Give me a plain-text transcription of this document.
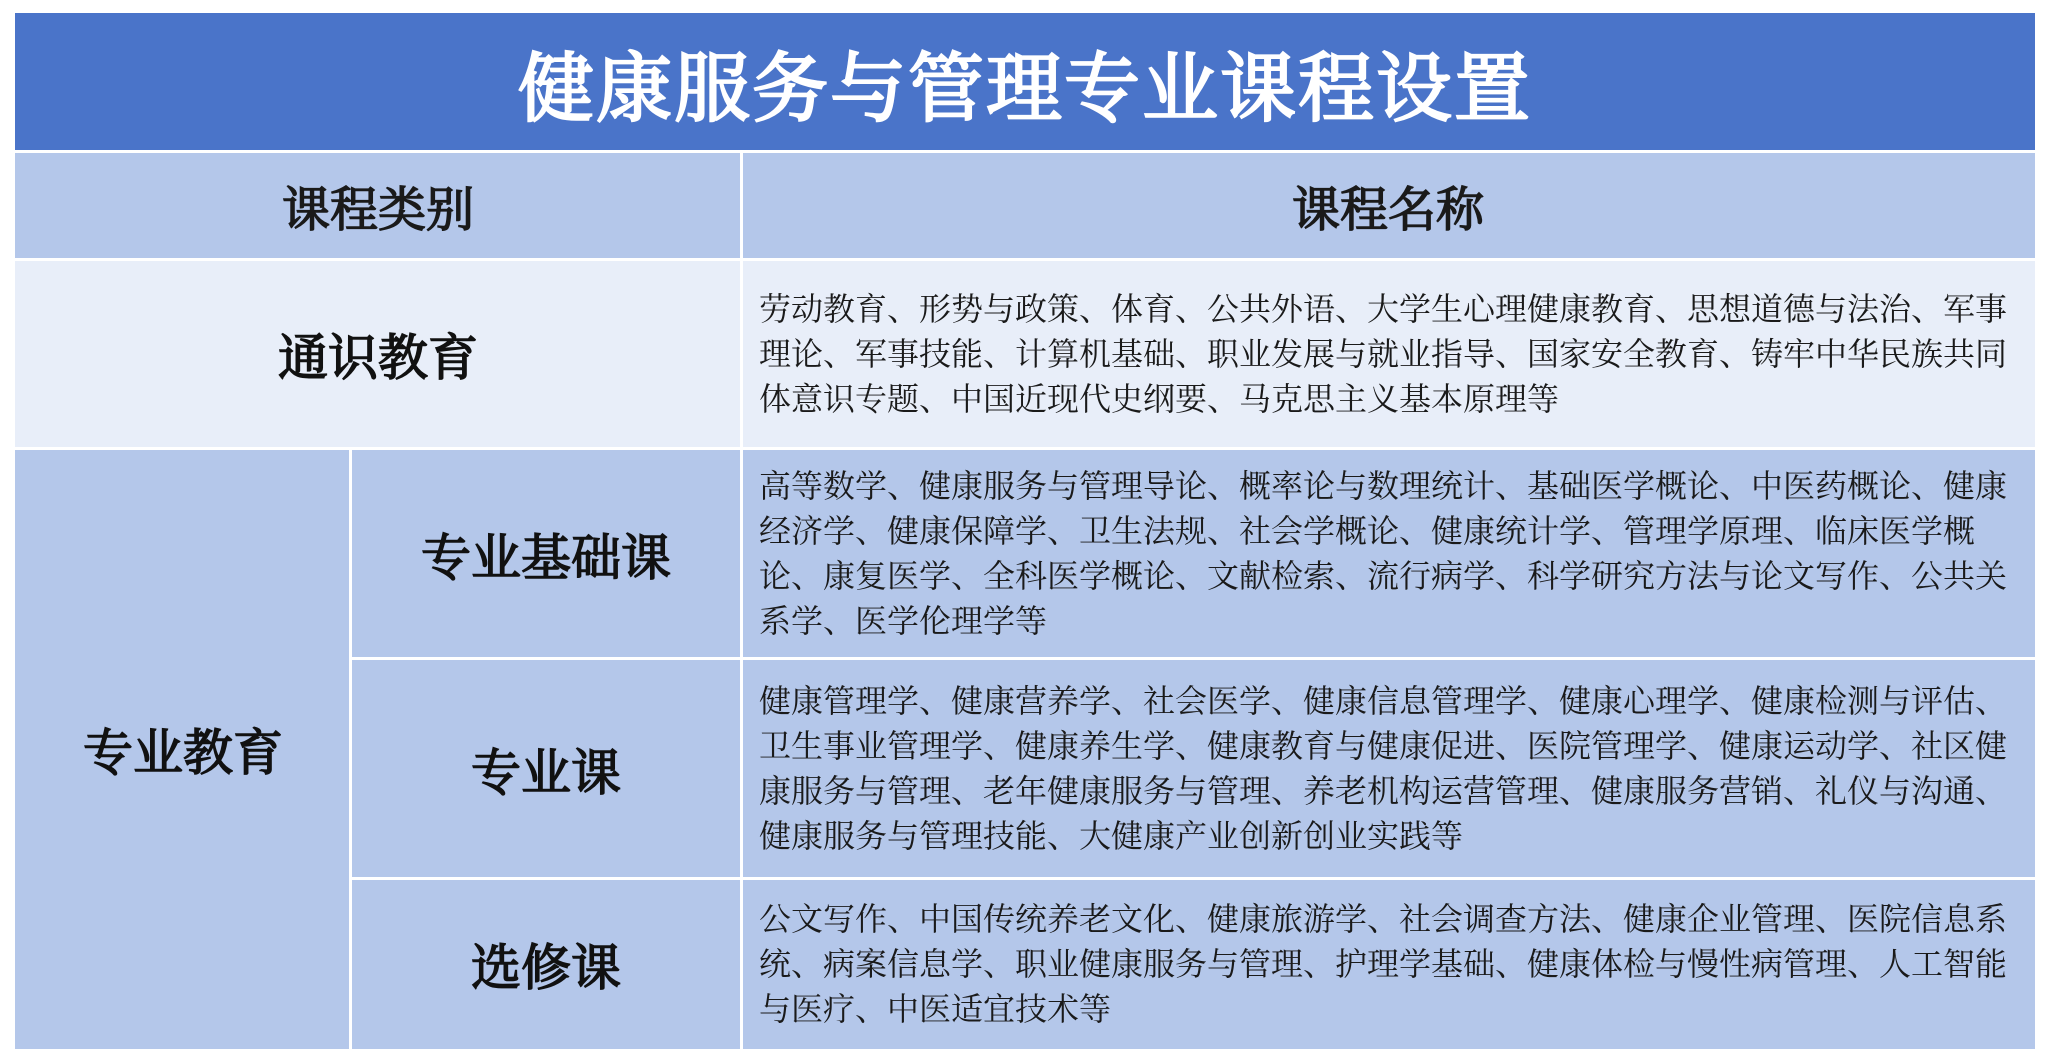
健康服务与管理专业课程设置
课程类别	课程名称
通识教育
劳动教育、形势与政策、体育、公共外语、大学生心理健康教育、思想道德与法治、军事理论、军事技能、计算机基础、职业发展与就业指导、国家安全教育、铸牢中华民族共同体意识专题、中国近现代史纲要、马克思主义基本原理等
专业教育
专业基础课
高等数学、健康服务与管理导论、概率论与数理统计、基础医学概论、中医药概论、健康经济学、健康保障学、卫生法规、社会学概论、健康统计学、管理学原理、临床医学概论、康复医学、全科医学概论、文献检索、流行病学、科学研究方法与论文写作、公共关系学、医学伦理学等
专业课
健康管理学、健康营养学、社会医学、健康信息管理学、健康心理学、健康检测与评估、卫生事业管理学、健康养生学、健康教育与健康促进、医院管理学、健康运动学、社区健康服务与管理、老年健康服务与管理、养老机构运营管理、健康服务营销、礼仪与沟通、健康服务与管理技能、大健康产业创新创业实践等
选修课
公文写作、中国传统养老文化、健康旅游学、社会调查方法、健康企业管理、医院信息系统、病案信息学、职业健康服务与管理、护理学基础、健康体检与慢性病管理、人工智能与医疗、中医适宜技术等
